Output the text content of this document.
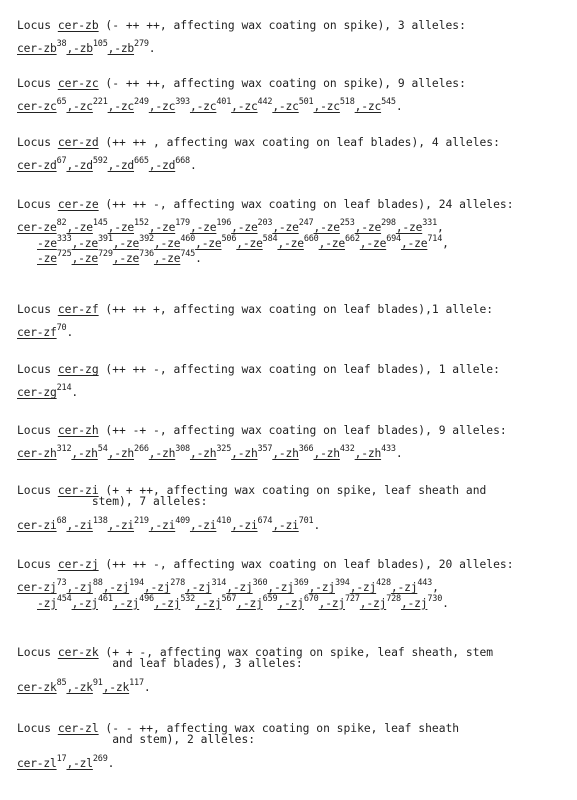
Locus cer-zb (- ++ ++, affecting wax coating on spike), 3 alleles:
cer-$zb^{38},-zb^{105},-zb^{279}$.
Locus cer-zc (- ++ ++, affecting wax coating on spike), 9 alleles:
cer-$zc^{65},-zc^{221},-zc^{249},-zc^{393},-zc^{401},-zc^{442},-zc^{501},-zc^{518},-zc^{545}$.
Locus cer-zd (++ ++ , affecting wax coating on leaf blades), 4 alleles:
cer-$zd^{67},-zd^{592},-zd^{665},-zd^{668}$.
Locus cer-ze (++ ++ -, affecting wax coating on leaf blades), 24 alleles:
cer-$ze^{82},-ze^{145},-ze^{152},-ze^{179},-ze^{196},-ze^{203},-ze^{247},-ze^{253},-ze^{298},-ze^{331}$,
$-ze^{333},-ze^{391},-ze^{392},-ze^{460},-ze^{506},-ze^{584},-ze^{660},-ze^{662},-ze^{694},-ze^{714}$,
$-ze^{725},-ze^{729},-ze^{736},-ze^{745}$.
Locus cer-zf (++ ++ +, affecting wax coating on leaf blades),1 allele:
cer-$zf^{70}$.
Locus cer-zg (++ ++ -, affecting wax coating on leaf blades), 1 allele:
cer-$zg^{214}$.
Locus cer-zh (++ -+ -, affecting wax coating on leaf blades), 9 alleles:
cer-$zh^{312},-zh^{54},-zh^{266},-zh^{308},-zh^{325},-zh^{357},-zh^{366},-zh^{432},-zh^{433}$.
Locus cer-zi (+ + ++, affecting wax coating on spike, leaf sheath and
stem), 7 alleles:
cer-$zi^{68},-zi^{138},-zi^{219},-zi^{409},-zi^{410},-zi^{674},-zi^{701}$.
Locus cer-zj (++ ++ -, affecting wax coating on leaf blades), 20 alleles:
cer-$zj^{73},-zj^{88},-zj^{194},-zj^{278},-zj^{314},-zj^{360},-zj^{369},-zj^{394},-zj^{428},-zj^{443}$,
$-zj^{454},-zj^{461},-zj^{496},-zj^{532},-zj^{567},-zj^{659},-zj^{670},-zj^{727},-zj^{728},-zj^{730}$.
Locus cer-zk (+ + -, affecting wax coating on spike, leaf sheath, stem
and leaf blades), 3 alleles:
cer-$zk^{85},-zk^{91},-zk^{117}$.
Locus cer-zl (- - ++, affecting wax coating on spike, leaf sheath
and stem), 2 alleles:
cer-$zl^{17},-zl^{269}$.
